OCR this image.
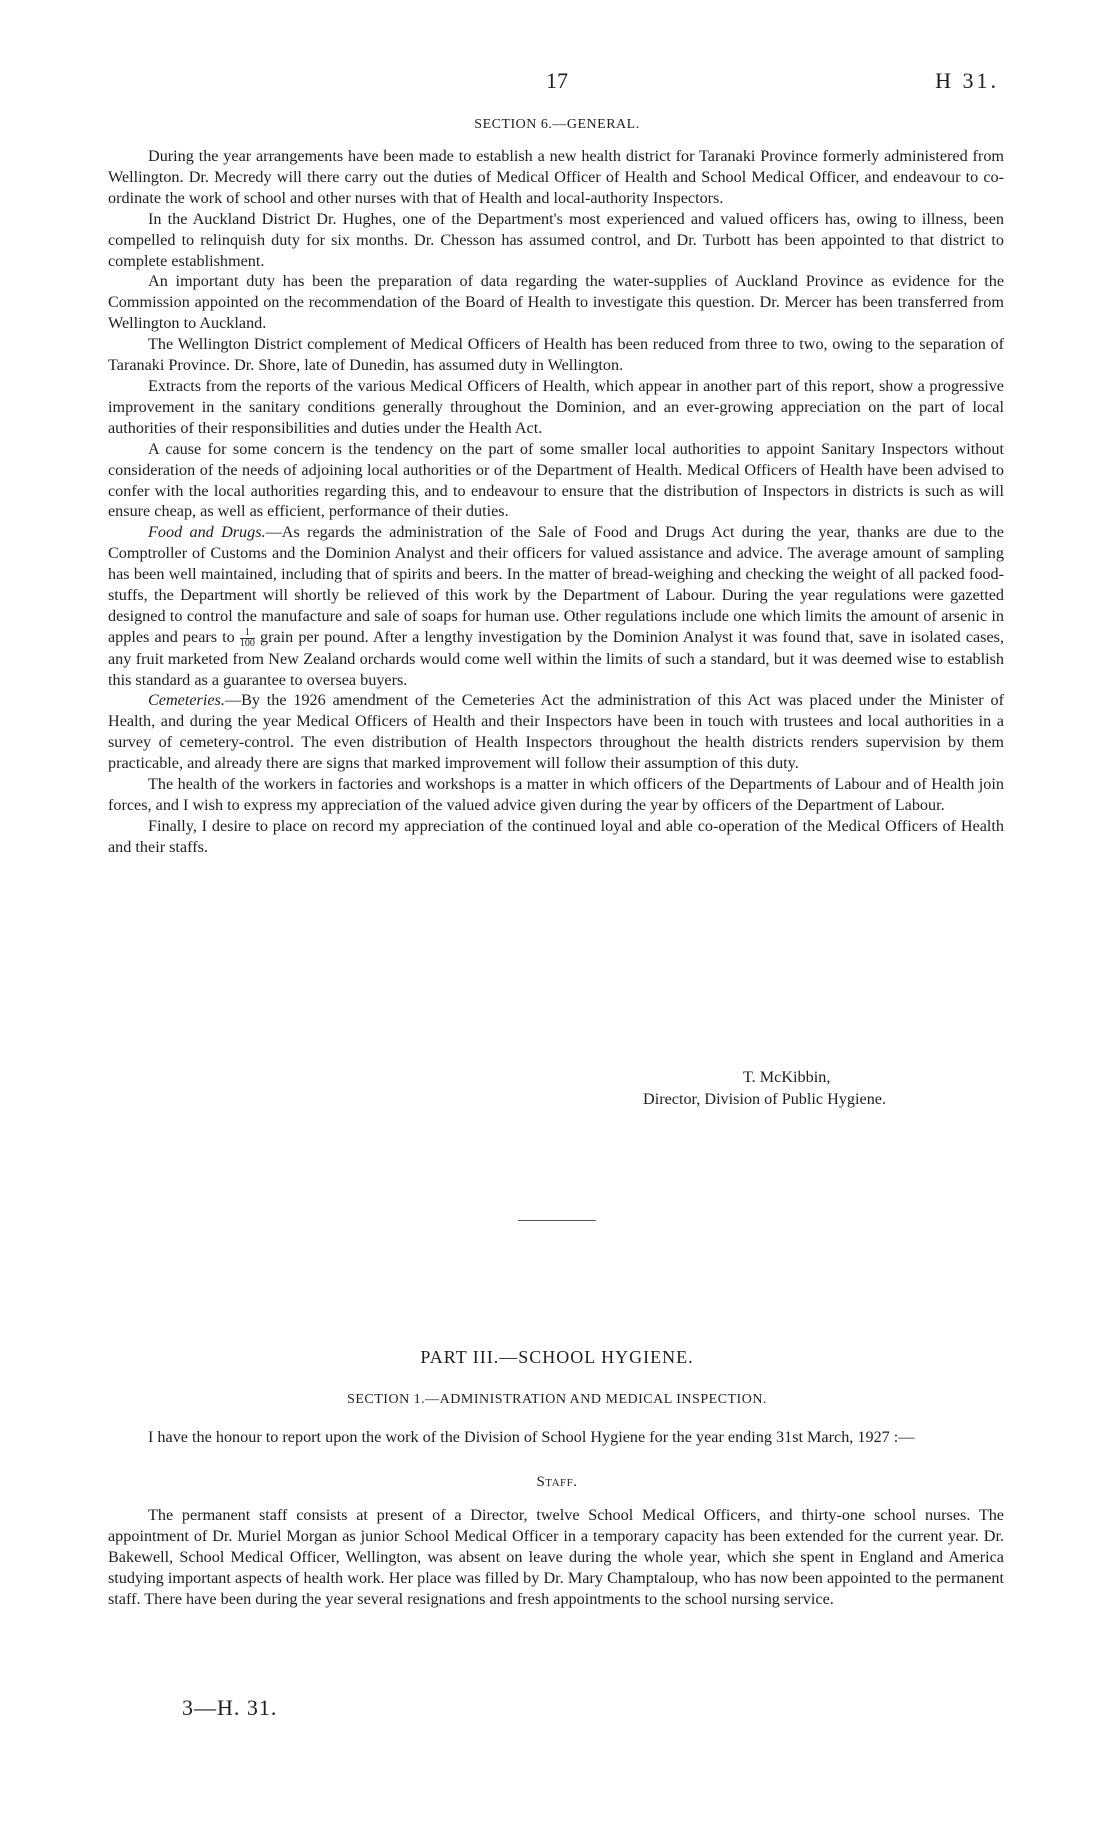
17	H 31.
SECTION 6.—GENERAL.

During the year arrangements have been made to establish a new health district for Taranaki Province formerly administered from Wellington. Dr. Mecredy will there carry out the duties of Medical Officer of Health and School Medical Officer, and endeavour to co-ordinate the work of school and other nurses with that of Health and local-authority Inspectors.

In the Auckland District Dr. Hughes, one of the Department's most experienced and valued officers has, owing to illness, been compelled to relinquish duty for six months. Dr. Chesson has assumed control, and Dr. Turbott has been appointed to that district to complete establishment.

An important duty has been the preparation of data regarding the water-supplies of Auckland Province as evidence for the Commission appointed on the recommendation of the Board of Health to investigate this question. Dr. Mercer has been transferred from Wellington to Auckland.

The Wellington District complement of Medical Officers of Health has been reduced from three to two, owing to the separation of Taranaki Province. Dr. Shore, late of Dunedin, has assumed duty in Wellington.

Extracts from the reports of the various Medical Officers of Health, which appear in another part of this report, show a progressive improvement in the sanitary conditions generally throughout the Dominion, and an ever-growing appreciation on the part of local authorities of their responsibilities and duties under the Health Act.

A cause for some concern is the tendency on the part of some smaller local authorities to appoint Sanitary Inspectors without consideration of the needs of adjoining local authorities or of the Department of Health. Medical Officers of Health have been advised to confer with the local authorities regarding this, and to endeavour to ensure that the distribution of Inspectors in districts is such as will ensure cheap, as well as efficient, performance of their duties.

Food and Drugs.—As regards the administration of the Sale of Food and Drugs Act during the year, thanks are due to the Comptroller of Customs and the Dominion Analyst and their officers for valued assistance and advice. The average amount of sampling has been well maintained, including that of spirits and beers. In the matter of bread-weighing and checking the weight of all packed food-stuffs, the Department will shortly be relieved of this work by the Department of Labour. During the year regulations were gazetted designed to control the manufacture and sale of soaps for human use. Other regulations include one which limits the amount of arsenic in apples and pears to $\frac{1}{100}$ grain per pound. After a lengthy investigation by the Dominion Analyst it was found that, save in isolated cases, any fruit marketed from New Zealand orchards would come well within the limits of such a standard, but it was deemed wise to establish this standard as a guarantee to oversea buyers.

Cemeteries.—By the 1926 amendment of the Cemeteries Act the administration of this Act was placed under the Minister of Health, and during the year Medical Officers of Health and their Inspectors have been in touch with trustees and local authorities in a survey of cemetery-control. The even distribution of Health Inspectors throughout the health districts renders supervision by them practicable, and already there are signs that marked improvement will follow their assumption of this duty.

The health of the workers in factories and workshops is a matter in which officers of the Departments of Labour and of Health join forces, and I wish to express my appreciation of the valued advice given during the year by officers of the Department of Labour.

Finally, I desire to place on record my appreciation of the continued loyal and able co-operation of the Medical Officers of Health and their staffs.

T. McKibbin,
Director, Division of Public Hygiene.
PART III.—SCHOOL HYGIENE.
SECTION 1.—ADMINISTRATION AND MEDICAL INSPECTION.

I have the honour to report upon the work of the Division of School Hygiene for the year ending 31st March, 1927 :—

Staff.

The permanent staff consists at present of a Director, twelve School Medical Officers, and thirty-one school nurses. The appointment of Dr. Muriel Morgan as junior School Medical Officer in a temporary capacity has been extended for the current year. Dr. Bakewell, School Medical Officer, Wellington, was absent on leave during the whole year, which she spent in England and America studying important aspects of health work. Her place was filled by Dr. Mary Champtaloup, who has now been appointed to the permanent staff. There have been during the year several resignations and fresh appointments to the school nursing service.

3—H. 31.
